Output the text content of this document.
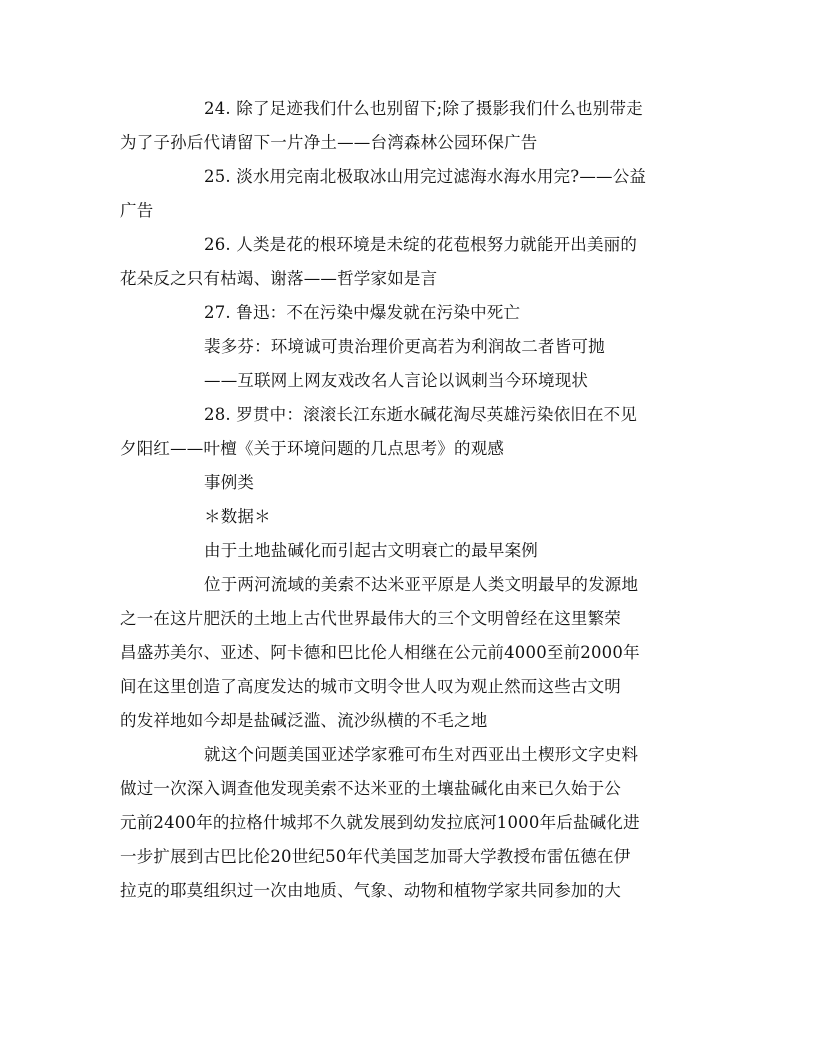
24. 除了足迹我们什么也别留下;除了摄影我们什么也别带走
为了子孙后代请留下一片净土——台湾森林公园环保广告
25. 淡水用完南北极取冰山用完过滤海水海水用完?——公益
广告
26. 人类是花的根环境是未绽的花苞根努力就能开出美丽的
花朵反之只有枯竭、谢落——哲学家如是言
27. 鲁迅：不在污染中爆发就在污染中死亡
裴多芬：环境诚可贵治理价更高若为利润故二者皆可抛
——互联网上网友戏改名人言论以讽刺当今环境现状
28. 罗贯中：滚滚长江东逝水碱花淘尽英雄污染依旧在不见
夕阳红——叶檀《关于环境问题的几点思考》的观感
事例类
＊数据＊
由于土地盐碱化而引起古文明衰亡的最早案例
位于两河流域的美索不达米亚平原是人类文明最早的发源地
之一在这片肥沃的土地上古代世界最伟大的三个文明曾经在这里繁荣
昌盛苏美尔、亚述、阿卡德和巴比伦人相继在公元前4000至前2000年
间在这里创造了高度发达的城市文明令世人叹为观止然而这些古文明
的发祥地如今却是盐碱泛滥、流沙纵横的不毛之地
就这个问题美国亚述学家雅可布生对西亚出土楔形文字史料
做过一次深入调查他发现美索不达米亚的土壤盐碱化由来已久始于公
元前2400年的拉格什城邦不久就发展到幼发拉底河1000年后盐碱化进
一步扩展到古巴比伦20世纪50年代美国芝加哥大学教授布雷伍德在伊
拉克的耶莫组织过一次由地质、气象、动物和植物学家共同参加的大
